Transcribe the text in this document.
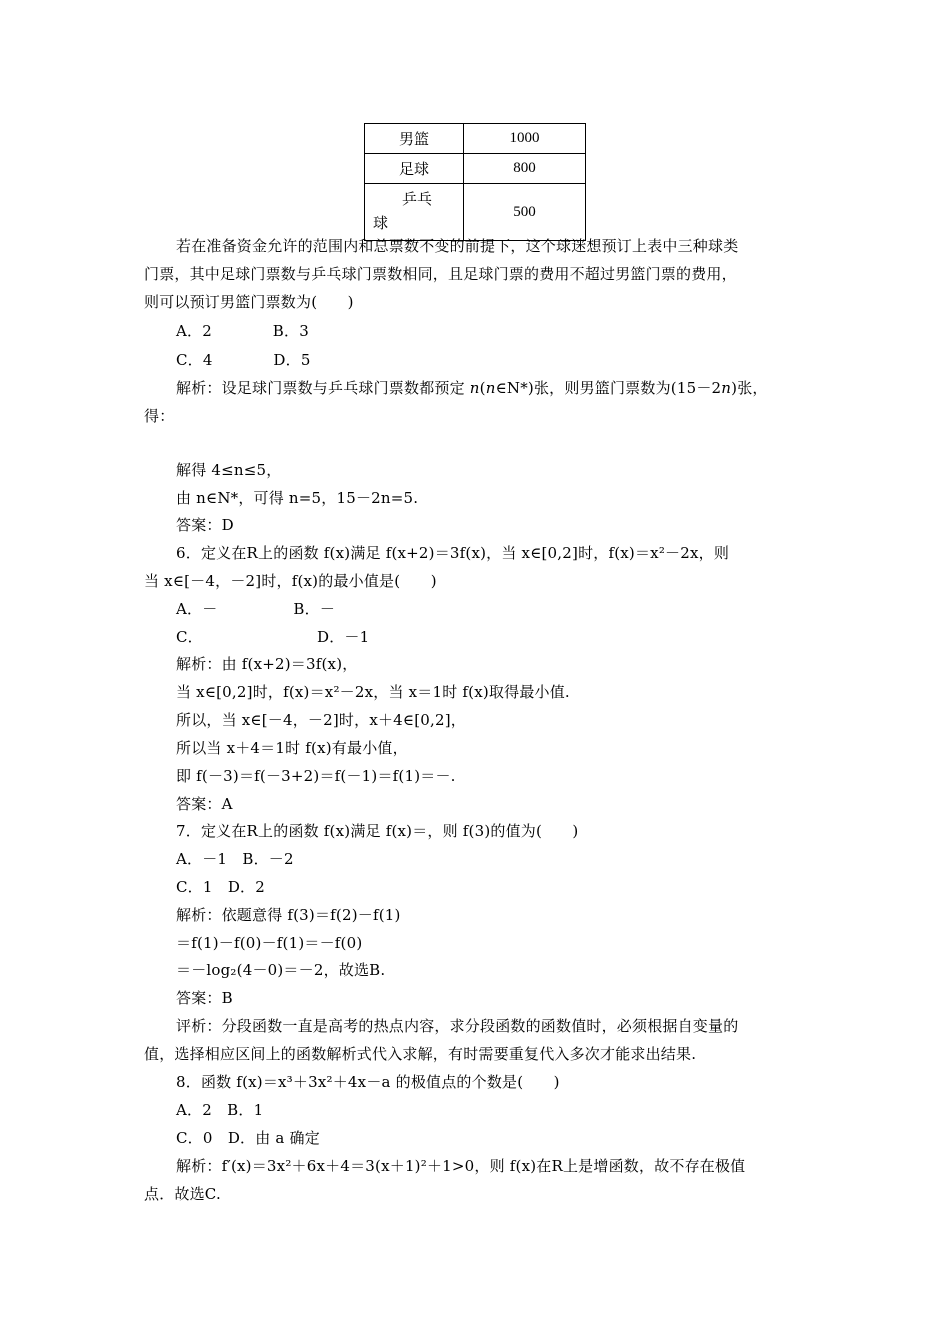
男篮	1000
足球	800

乒乓
球	500
若在准备资金允许的范围内和总票数不变的前提下，这个球迷想预订上表中三种球类
门票，其中足球门票数与乒乓球门票数相同，且足球门票的费用不超过男篮门票的费用，
则可以预订男篮门票数为(　　)
A．2　　　　B．3
C．4　　　　D．5
解析：设足球门票数与乒乓球门票数都预定 n(n∈N*)张，则男篮门票数为(15－2n)张，
得：
解得 4≤n≤5，
由 n∈N*，可得 n=5，15－2n=5.
答案：D
6．定义在R上的函数 f(x)满足 f(x+2)＝3f(x)，当 x∈[0,2]时，f(x)＝x²－2x，则
当 x∈[－4，－2]时，f(x)的最小值是(　　)
A．－　　　　　B．－
C．　　　　　　　　D．－1
解析：由 f(x+2)＝3f(x)，
当 x∈[0,2]时，f(x)＝x²－2x，当 x＝1时 f(x)取得最小值.
所以，当 x∈[－4，－2]时，x＋4∈[0,2]，
所以当 x＋4＝1时 f(x)有最小值，
即 f(－3)＝f(－3+2)＝f(－1)＝f(1)＝－.
答案：A
7．定义在R上的函数 f(x)满足 f(x)＝，则 f(3)的值为(　　)
A．－1　B．－2
C．1　D．2
解析：依题意得 f(3)＝f(2)－f(1)
＝f(1)－f(0)－f(1)＝－f(0)
＝－log₂(4－0)＝－2，故选B.
答案：B
评析：分段函数一直是高考的热点内容，求分段函数的函数值时，必须根据自变量的
值，选择相应区间上的函数解析式代入求解，有时需要重复代入多次才能求出结果.
8．函数 f(x)＝x³＋3x²＋4x－a 的极值点的个数是(　　)
A．2　B．1
C．0　D．由 a 确定
解析：f′(x)＝3x²＋6x＋4＝3(x＋1)²＋1>0，则 f(x)在R上是增函数，故不存在极值
点．故选C.
